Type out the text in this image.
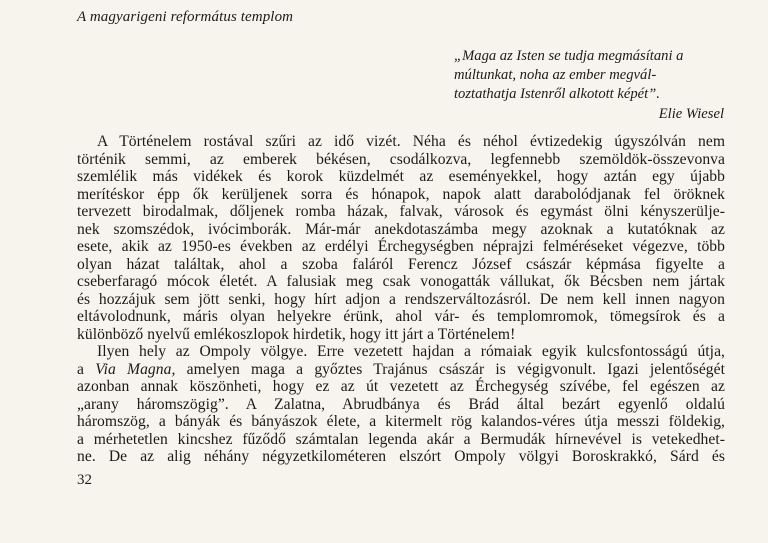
A magyarigeni református templom
„Maga az Isten se tudja megmásítani a
múltunkat, noha az ember megvál-
toztathatja Istenről alkotott képét”.
Elie Wiesel
A Történelem rostával szűri az idő vizét. Néha és néhol évtizedekig úgyszólván nem
történik semmi, az emberek békésen, csodálkozva, legfennebb szemöldök-összevonva
szemlélik más vidékek és korok küzdelmét az eseményekkel, hogy aztán egy újabb
merítéskor épp ők kerüljenek sorra és hónapok, napok alatt darabolódjanak fel öröknek
tervezett birodalmak, dőljenek romba házak, falvak, városok és egymást ölni kényszerülje-
nek szomszédok, ivócimborák. Már-már anekdotaszámba megy azoknak a kutatóknak az
esete, akik az 1950-es években az erdélyi Érchegységben néprajzi felméréseket végezve, több
olyan házat találtak, ahol a szoba faláról Ferencz József császár képmása figyelte a
cseberfaragó mócok életét. A falusiak meg csak vonogatták vállukat, ők Bécsben nem jártak
és hozzájuk sem jött senki, hogy hírt adjon a rendszerváltozásról. De nem kell innen nagyon
eltávolodnunk, máris olyan helyekre érünk, ahol vár- és templomromok, tömegsírok és a
különböző nyelvű emlékoszlopok hirdetik, hogy itt járt a Történelem!
Ilyen hely az Ompoly völgye. Erre vezetett hajdan a rómaiak egyik kulcsfontosságú útja,
a Via Magna, amelyen maga a győztes Trajánus császár is végigvonult. Igazi jelentőségét
azonban annak köszönheti, hogy ez az út vezetett az Érchegység szívébe, fel egészen az
„arany háromszögig”. A Zalatna, Abrudbánya és Brád által bezárt egyenlő oldalú
háromszög, a bányák és bányászok élete, a kitermelt rög kalandos-véres útja messzi földekig,
a mérhetetlen kincshez fűződő számtalan legenda akár a Bermudák hírnevével is vetekedhet-
ne. De az alig néhány négyzetkilométeren elszórt Ompoly völgyi Boroskrakkó, Sárd és
32
